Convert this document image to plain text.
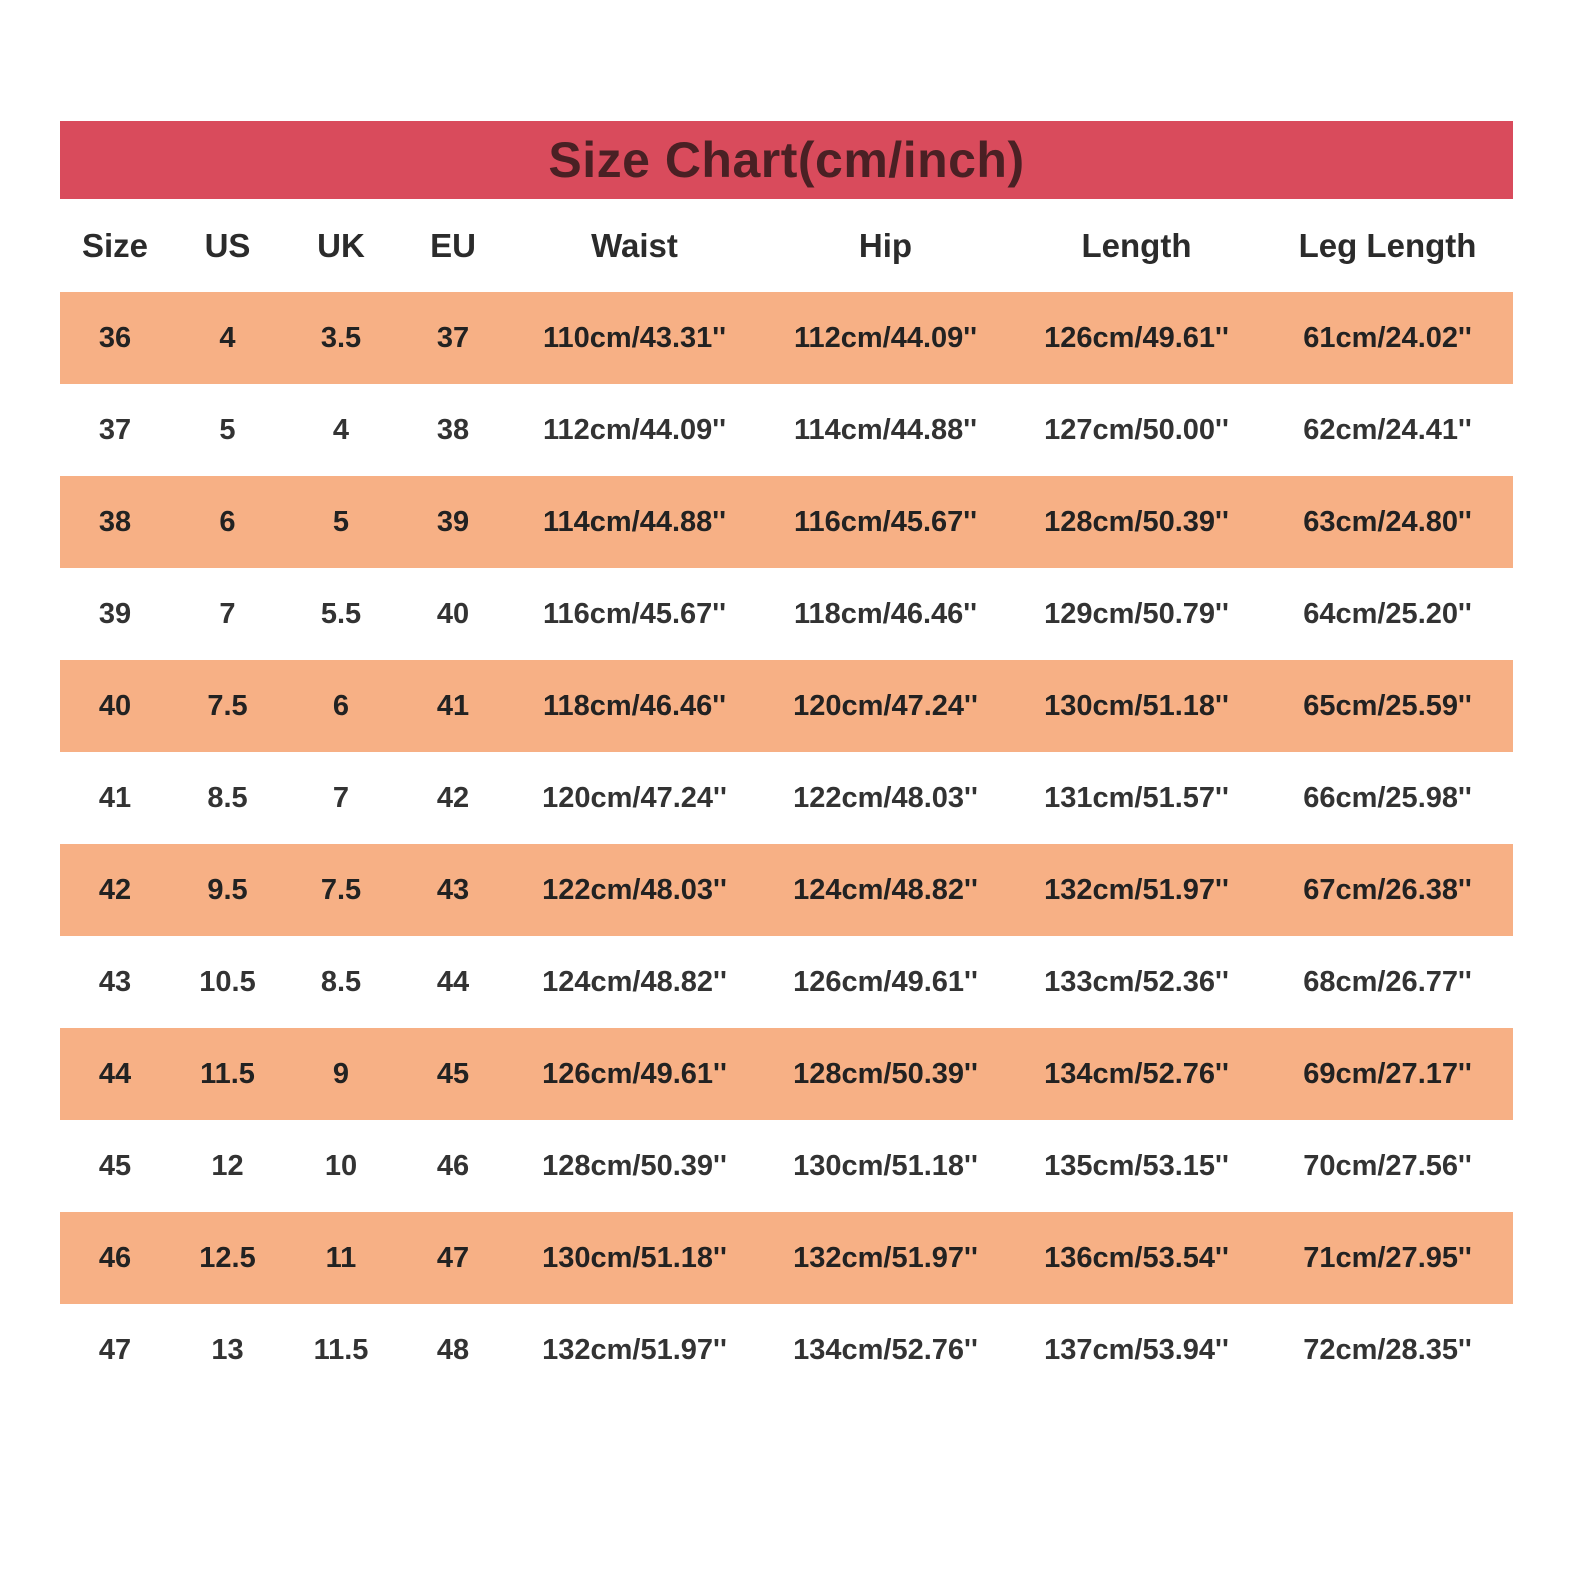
Size Chart(cm/inch)
Size	US	UK	EU	Waist	Hip	Length	Leg Length
36	4	3.5	37	110cm/43.31''	112cm/44.09''	126cm/49.61''	61cm/24.02''
37	5	4	38	112cm/44.09''	114cm/44.88''	127cm/50.00''	62cm/24.41''
38	6	5	39	114cm/44.88''	116cm/45.67''	128cm/50.39''	63cm/24.80''
39	7	5.5	40	116cm/45.67''	118cm/46.46''	129cm/50.79''	64cm/25.20''
40	7.5	6	41	118cm/46.46''	120cm/47.24''	130cm/51.18''	65cm/25.59''
41	8.5	7	42	120cm/47.24''	122cm/48.03''	131cm/51.57''	66cm/25.98''
42	9.5	7.5	43	122cm/48.03''	124cm/48.82''	132cm/51.97''	67cm/26.38''
43	10.5	8.5	44	124cm/48.82''	126cm/49.61''	133cm/52.36''	68cm/26.77''
44	11.5	9	45	126cm/49.61''	128cm/50.39''	134cm/52.76''	69cm/27.17''
45	12	10	46	128cm/50.39''	130cm/51.18''	135cm/53.15''	70cm/27.56''
46	12.5	11	47	130cm/51.18''	132cm/51.97''	136cm/53.54''	71cm/27.95''
47	13	11.5	48	132cm/51.97''	134cm/52.76''	137cm/53.94''	72cm/28.35''
